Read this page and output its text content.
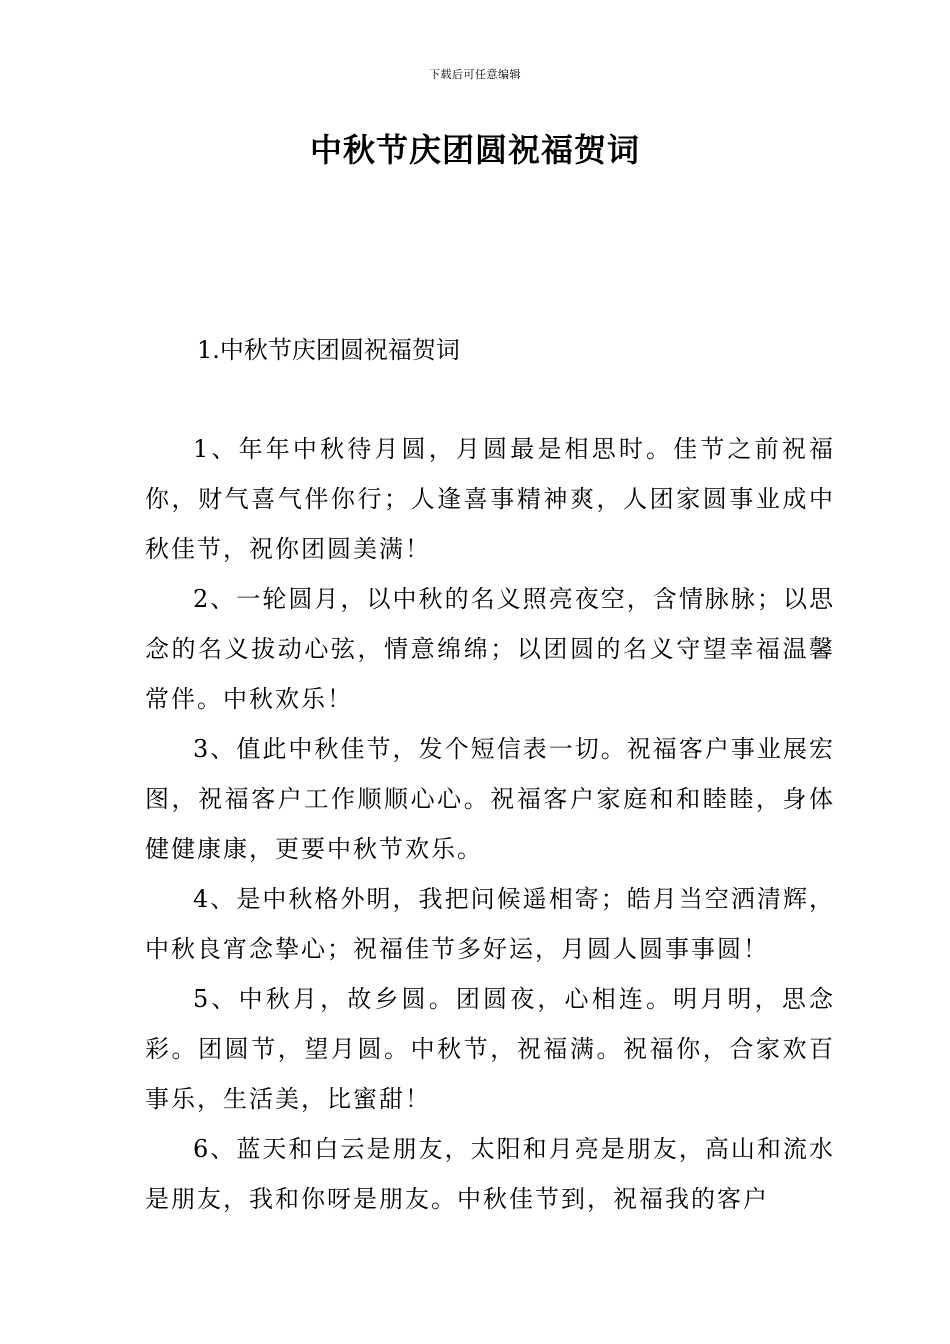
下载后可任意编辑
中秋节庆团圆祝福贺词

1.中秋节庆团圆祝福贺词

1、年年中秋待月圆，月圆最是相思时。佳节之前祝福你，财气喜气伴你行；人逢喜事精神爽，人团家圆事业成中秋佳节，祝你团圆美满！

2、一轮圆月，以中秋的名义照亮夜空，含情脉脉；以思念的名义拔动心弦，情意绵绵；以团圆的名义守望幸福温馨常伴。中秋欢乐！

3、值此中秋佳节，发个短信表一切。祝福客户事业展宏图，祝福客户工作顺顺心心。祝福客户家庭和和睦睦，身体健健康康，更要中秋节欢乐。

4、是中秋格外明，我把问候遥相寄；皓月当空洒清辉，中秋良宵念挚心；祝福佳节多好运，月圆人圆事事圆！

5、中秋月，故乡圆。团圆夜，心相连。明月明，思念彩。团圆节，望月圆。中秋节，祝福满。祝福你，合家欢百事乐，生活美，比蜜甜！

6、蓝天和白云是朋友，太阳和月亮是朋友，高山和流水是朋友，我和你呀是朋友。中秋佳节到，祝福我的客户
